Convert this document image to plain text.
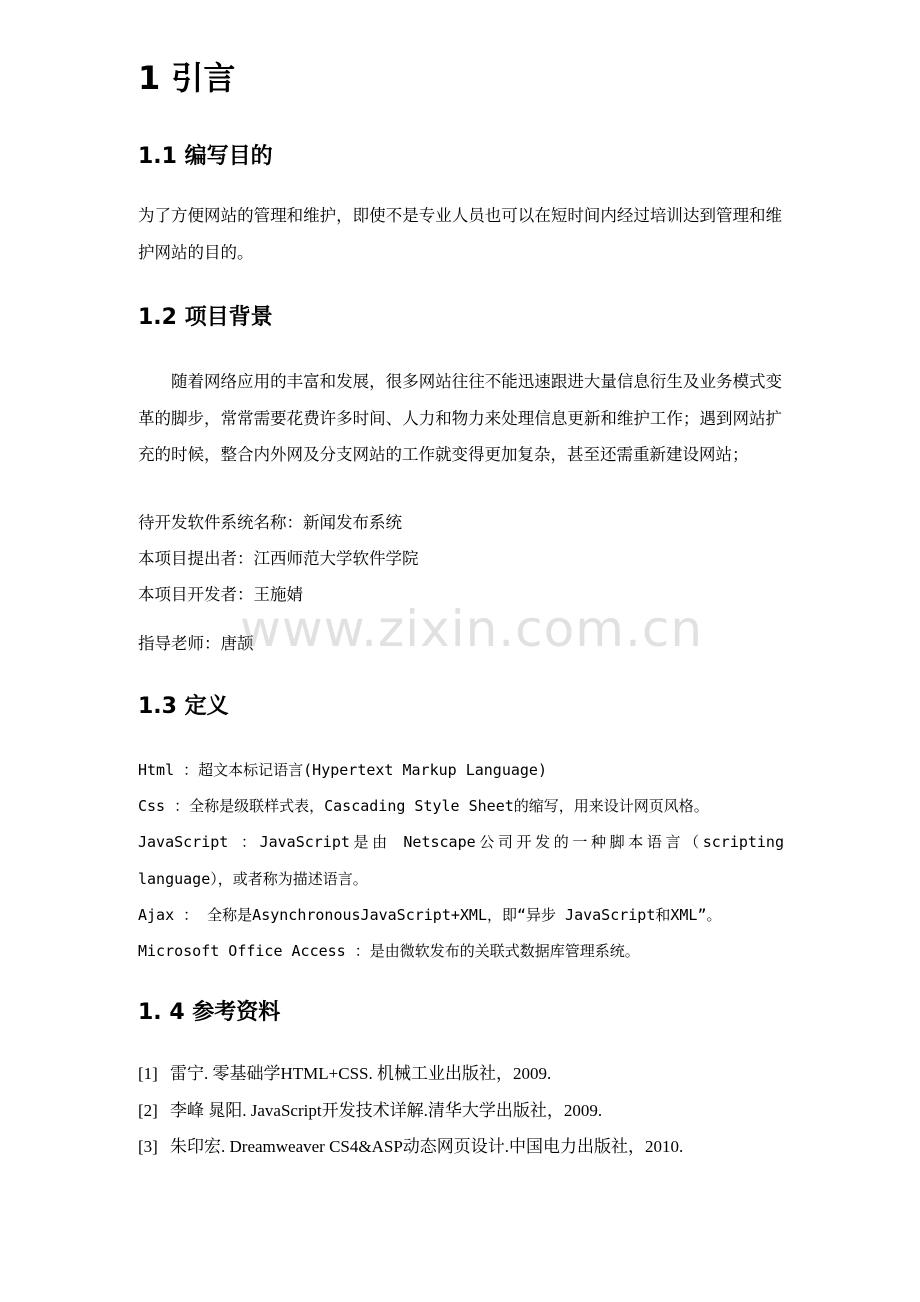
1 引言
1.1 编写目的

为了方便网站的管理和维护，即使不是专业人员也可以在短时间内经过培训达到管理和维护网站的目的。

1.2 项目背景

随着网络应用的丰富和发展，很多网站往往不能迅速跟进大量信息衍生及业务模式变革的脚步，常常需要花费许多时间、人力和物力来处理信息更新和维护工作；遇到网站扩充的时候，整合内外网及分支网站的工作就变得更加复杂，甚至还需重新建设网站；

待开发软件系统名称：新闻发布系统

本项目提出者：江西师范大学软件学院

本项目开发者：王施婧

指导老师：唐颉

1.3 定义

Html ：超文本标记语言(Hypertext Markup Language)

Css ：全称是级联样式表，Cascading Style Sheet的缩写，用来设计网页风格。

JavaScript ：JavaScript是由 Netscape公司开发的一种脚本语言（scripting language），或者称为描述语言。

Ajax ： 全称是AsynchronousJavaScript+XML，即“异步 JavaScript和XML”。

Microsoft Office Access ：是由微软发布的关联式数据库管理系统。

1. 4 参考资料

[1] 雷宁. 零基础学HTML+CSS. 机械工业出版社，2009.

[2] 李峰 晁阳. JavaScript开发技术详解.清华大学出版社，2009.

[3] 朱印宏. Dreamweaver CS4&ASP动态网页设计.中国电力出版社，2010.

www.zixin.com.cn
